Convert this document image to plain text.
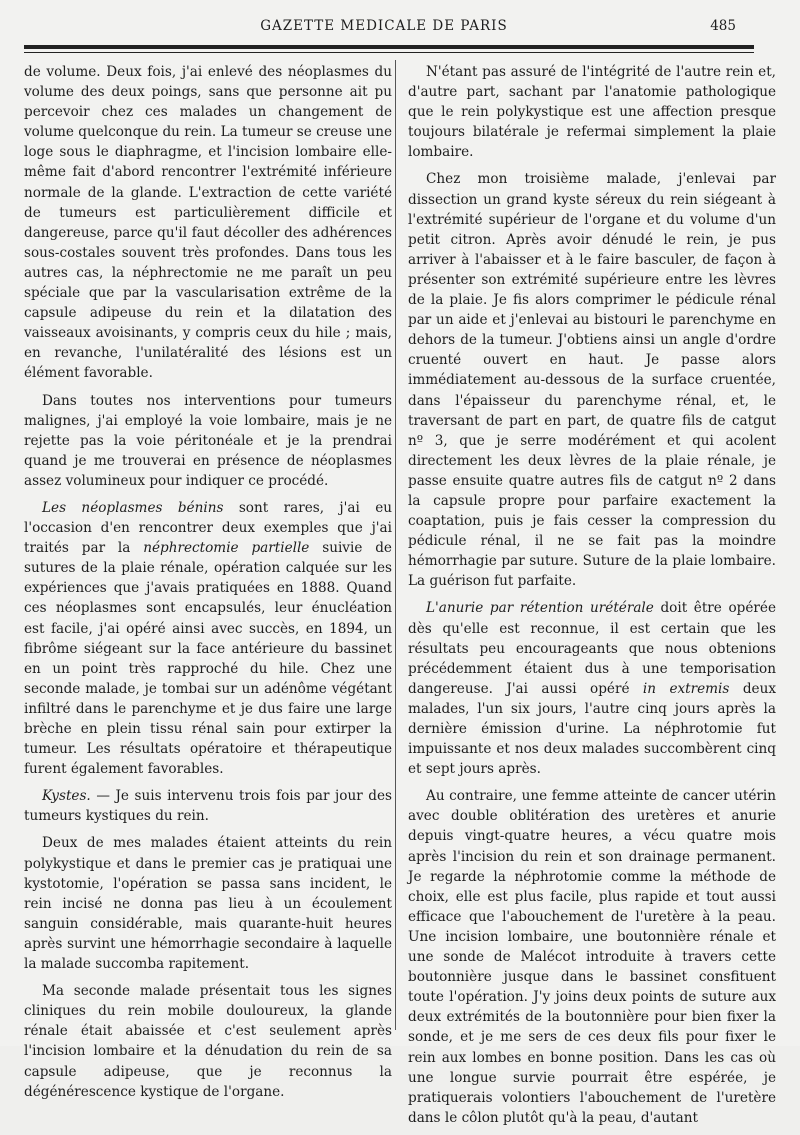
GAZETTE MEDICALE DE PARIS	485

de volume. Deux fois, j'ai enlevé des néoplasmes du volume des deux poings, sans que personne ait pu percevoir chez ces malades un changement de volume quelconque du rein. La tumeur se creuse une loge sous le diaphragme, et l'incision lombaire elle-même fait d'abord rencontrer l'extrémité inférieure normale de la glande. L'extraction de cette variété de tumeurs est particulièrement difficile et dangereuse, parce qu'il faut décoller des adhérences sous-costales souvent très profondes. Dans tous les autres cas, la néphrectomie ne me paraît un peu spéciale que par la vascularisation extrême de la capsule adipeuse du rein et la dilatation des vaisseaux avoisinants, y compris ceux du hile ; mais, en revanche, l'unilatéralité des lésions est un élément favorable.

Dans toutes nos interventions pour tumeurs malignes, j'ai employé la voie lombaire, mais je ne rejette pas la voie péritonéale et je la prendrai quand je me trouverai en présence de néoplasmes assez volumineux pour indiquer ce procédé.

Les néoplasmes bénins sont rares, j'ai eu l'occasion d'en rencontrer deux exemples que j'ai traités par la néphrectomie partielle suivie de sutures de la plaie rénale, opération calquée sur les expériences que j'avais pratiquées en 1888. Quand ces néoplasmes sont encapsulés, leur énucléation est facile, j'ai opéré ainsi avec succès, en 1894, un fibrôme siégeant sur la face antérieure du bassinet en un point très rapproché du hile. Chez une seconde malade, je tombai sur un adénôme végétant infiltré dans le parenchyme et je dus faire une large brèche en plein tissu rénal sain pour extirper la tumeur. Les résultats opératoire et thérapeutique furent également favorables.

Kystes. — Je suis intervenu trois fois par jour des tumeurs kystiques du rein.

Deux de mes malades étaient atteints du rein polykystique et dans le premier cas je pratiquai une kystotomie, l'opération se passa sans incident, le rein incisé ne donna pas lieu à un écoulement sanguin considérable, mais quarante-huit heures après survint une hémorrhagie secondaire à laquelle la malade succomba rapitement.

Ma seconde malade présentait tous les signes cliniques du rein mobile douloureux, la glande rénale était abaissée et c'est seulement après l'incision lombaire et la dénudation du rein de sa capsule adipeuse, que je reconnus la dégénérescence kystique de l'organe.

N'étant pas assuré de l'intégrité de l'autre rein et, d'autre part, sachant par l'anatomie pathologique que le rein polykystique est une affection presque toujours bilatérale je refermai simplement la plaie lombaire.

Chez mon troisième malade, j'enlevai par dissection un grand kyste séreux du rein siégeant à l'extrémité supérieur de l'organe et du volume d'un petit citron. Après avoir dénudé le rein, je pus arriver à l'abaisser et à le faire basculer, de façon à présenter son extrémité supérieure entre les lèvres de la plaie. Je fis alors comprimer le pédicule rénal par un aide et j'enlevai au bistouri le parenchyme en dehors de la tumeur. J'obtiens ainsi un angle d'ordre cruenté ouvert en haut. Je passe alors immédiatement au-dessous de la surface cruentée, dans l'épaisseur du parenchyme rénal, et, le traversant de part en part, de quatre fils de catgut nº 3, que je serre modérément et qui acolent directement les deux lèvres de la plaie rénale, je passe ensuite quatre autres fils de catgut nº 2 dans la capsule propre pour parfaire exactement la coaptation, puis je fais cesser la compression du pédicule rénal, il ne se fait pas la moindre hémorrhagie par suture. Suture de la plaie lombaire. La guérison fut parfaite.

L'anurie par rétention urétérale doit être opérée dès qu'elle est reconnue, il est certain que les résultats peu encourageants que nous obtenions précédemment étaient dus à une temporisation dangereuse. J'ai aussi opéré in extremis deux malades, l'un six jours, l'autre cinq jours après la dernière émission d'urine. La néphrotomie fut impuissante et nos deux malades succombèrent cinq et sept jours après.

Au contraire, une femme atteinte de cancer utérin avec double oblitération des uretères et anurie depuis vingt-quatre heures, a vécu quatre mois après l'incision du rein et son drainage permanent. Je regarde la néphrotomie comme la méthode de choix, elle est plus facile, plus rapide et tout aussi efficace que l'abouchement de l'uretère à la peau. Une incision lombaire, une boutonnière rénale et une sonde de Malécot introduite à travers cette boutonnière jusque dans le bassinet consfituent toute l'opération. J'y joins deux points de suture aux deux extrémités de la boutonnière pour bien fixer la sonde, et je me sers de ces deux fils pour fixer le rein aux lombes en bonne position. Dans les cas où une longue survie pourrait être espérée, je pratiquerais volontiers l'abouchement de l'uretère dans le côlon plutôt qu'à la peau, d'autant
